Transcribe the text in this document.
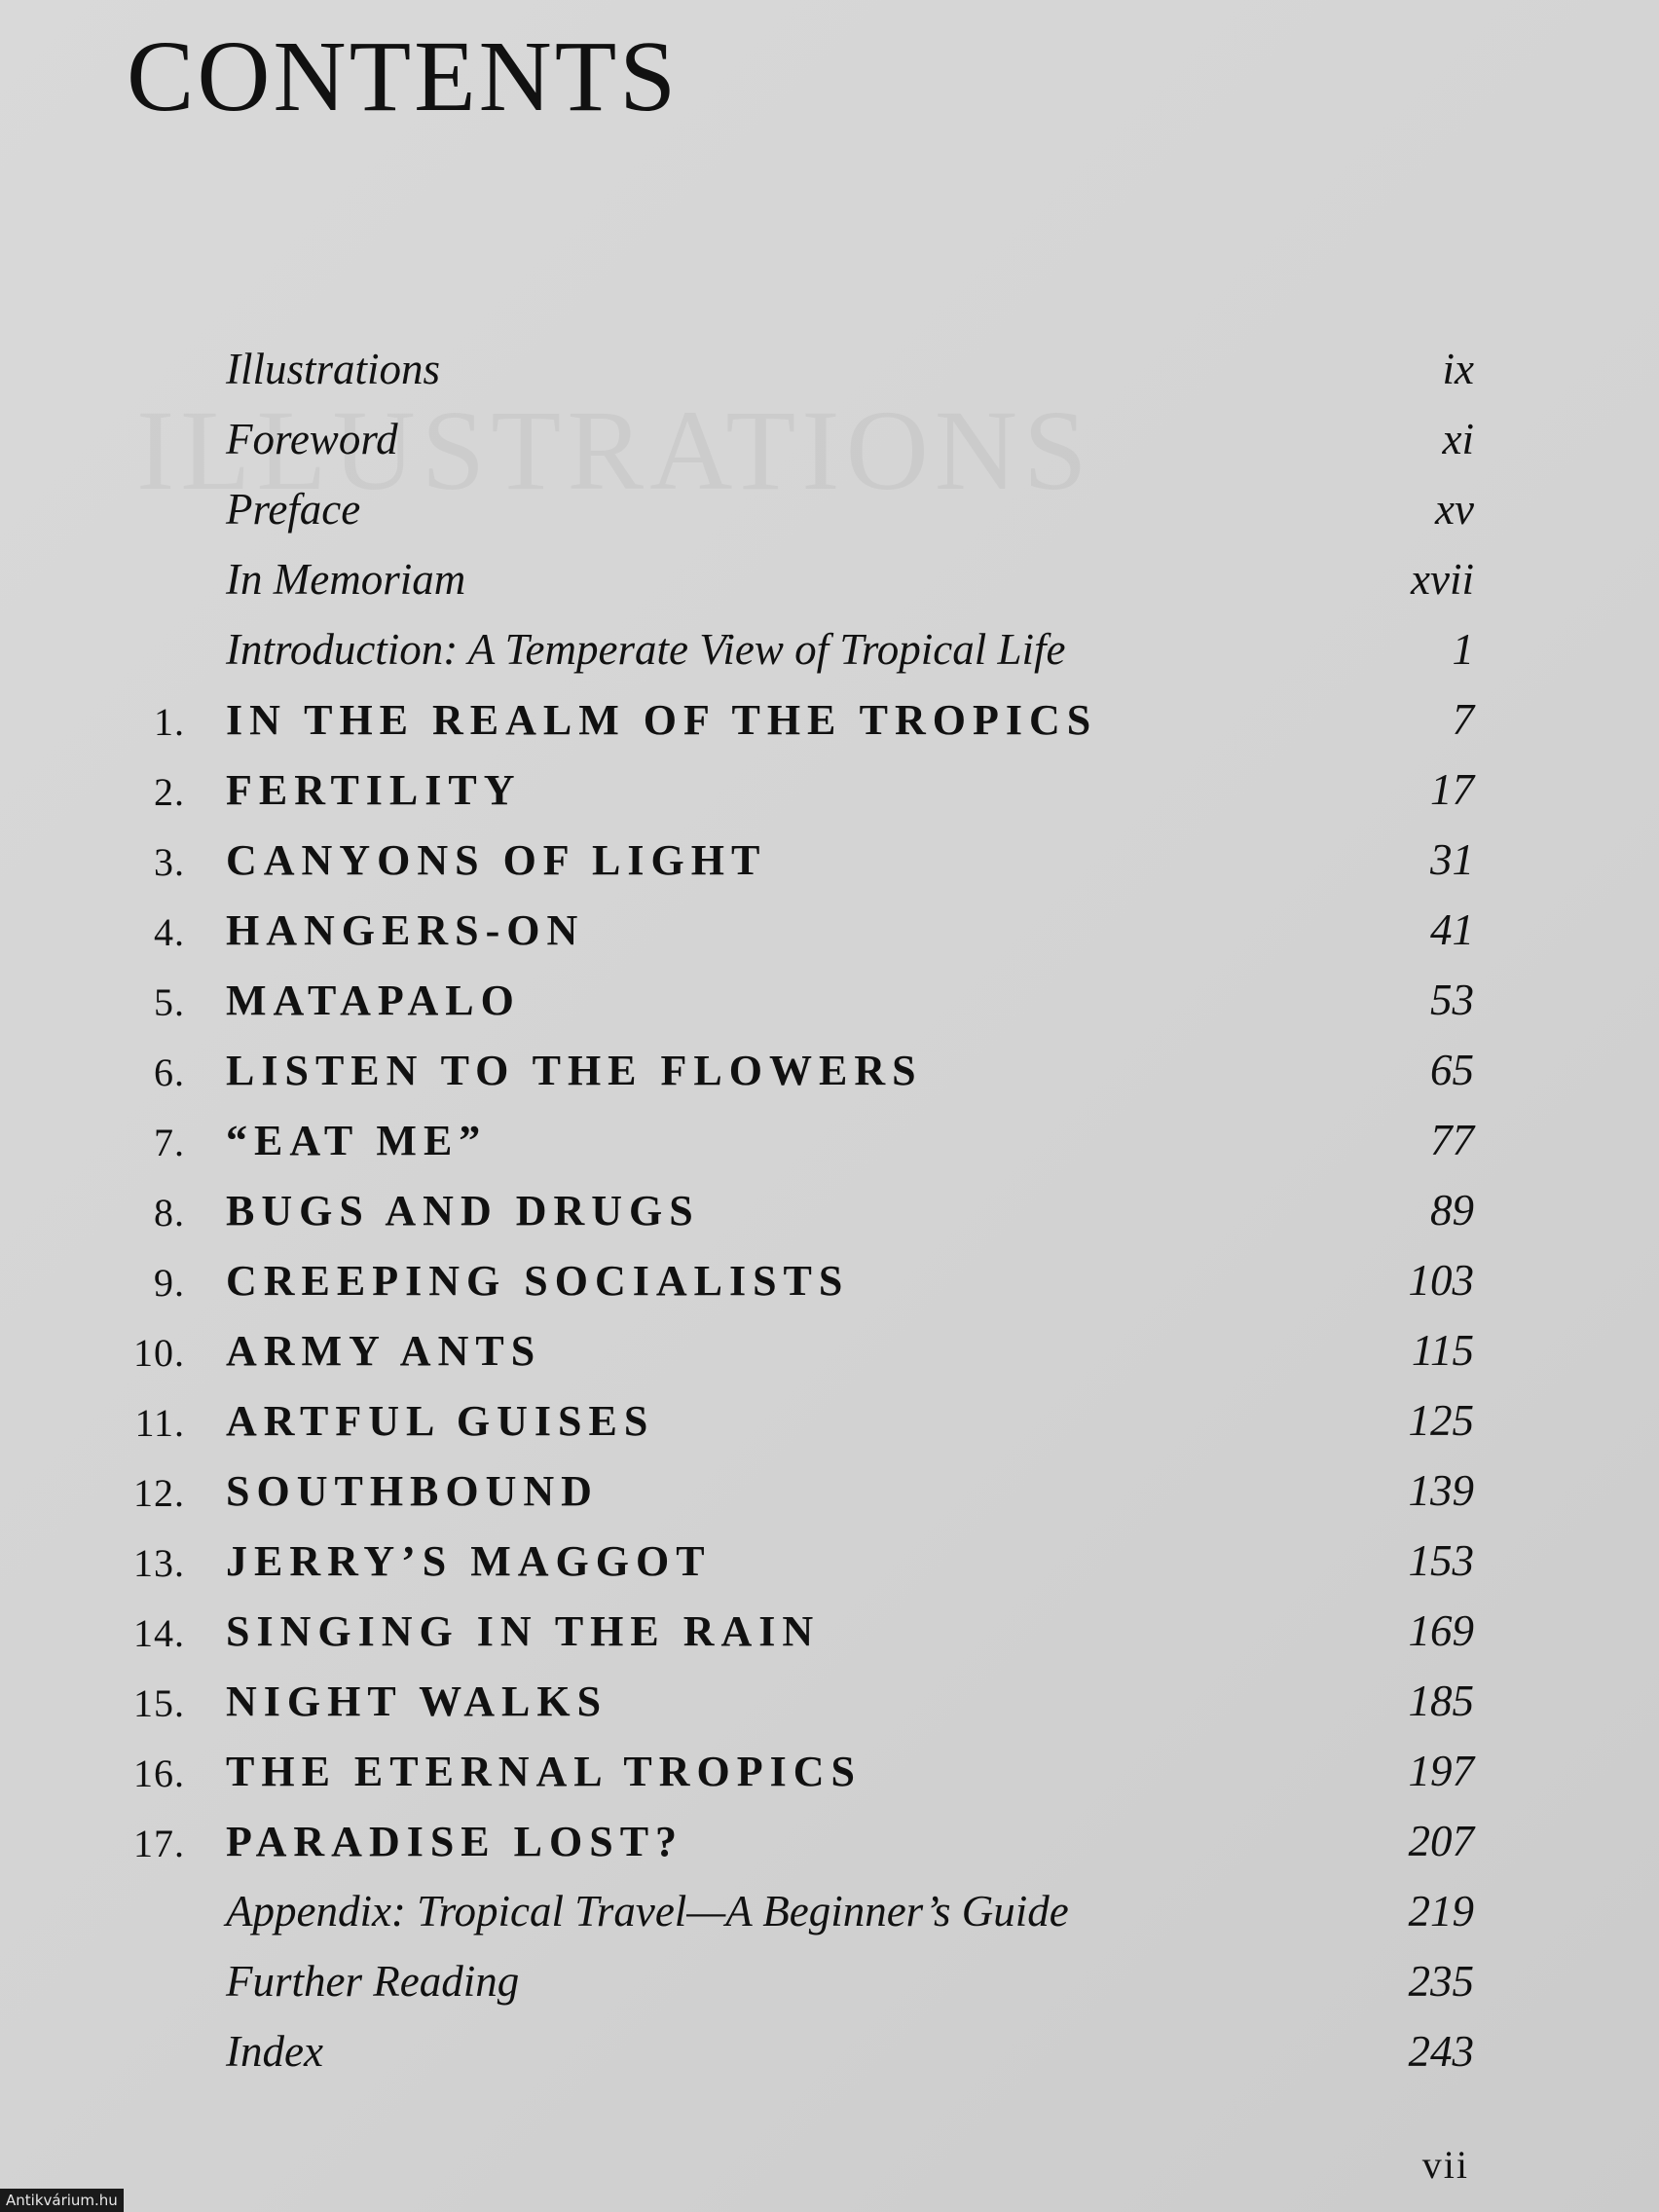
CONTENTS
Illustrations	ix
Foreword	xi
Preface	xv
In Memoriam	xvii
Introduction: A Temperate View of Tropical Life	1
1. IN THE REALM OF THE TROPICS	7
2. FERTILITY	17
3. CANYONS OF LIGHT	31
4. HANGERS-ON	41
5. MATAPALO	53
6. LISTEN TO THE FLOWERS	65
7. “EAT ME”	77
8. BUGS AND DRUGS	89
9. CREEPING SOCIALISTS	103
10. ARMY ANTS	115
11. ARTFUL GUISES	125
12. SOUTHBOUND	139
13. JERRY’S MAGGOT	153
14. SINGING IN THE RAIN	169
15. NIGHT WALKS	185
16. THE ETERNAL TROPICS	197
17. PARADISE LOST?	207
Appendix: Tropical Travel—A Beginner’s Guide	219
Further Reading	235
Index	243
vii
Antikvárium.hu
